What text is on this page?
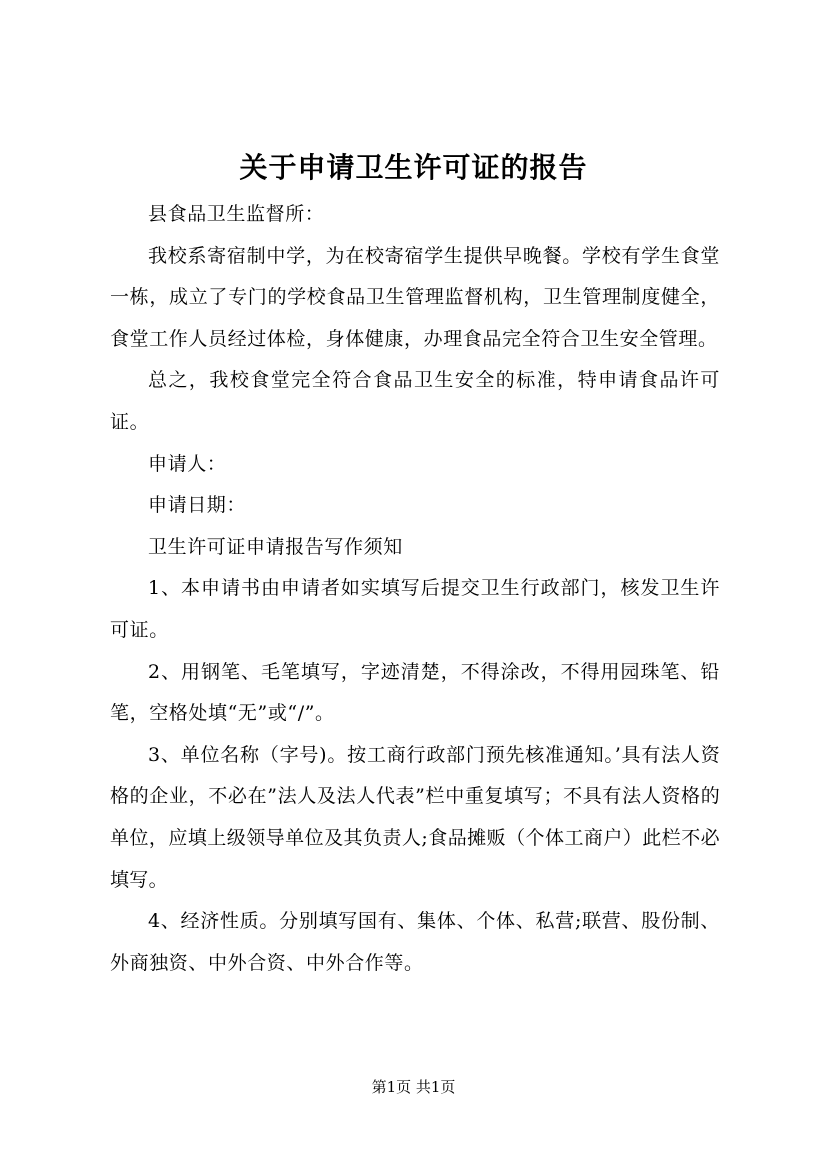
关于申请卫生许可证的报告

县食品卫生监督所：

我校系寄宿制中学，为在校寄宿学生提供早晚餐。学校有学生食堂一栋，成立了专门的学校食品卫生管理监督机构，卫生管理制度健全，食堂工作人员经过体检，身体健康，办理食品完全符合卫生安全管理。

总之，我校食堂完全符合食品卫生安全的标准，特申请食品许可证。

申请人：

申请日期：

卫生许可证申请报告写作须知

1、本申请书由申请者如实填写后提交卫生行政部门，核发卫生许可证。

2、用钢笔、毛笔填写，字迹清楚，不得涂改，不得用园珠笔、铅笔，空格处填“无”或“/”。

3、单位名称（字号)。按工商行政部门预先核准通知。’具有法人资格的企业，不必在”法人及法人代表”栏中重复填写；不具有法人资格的单位，应填上级领导单位及其负责人;食品摊贩（个体工商户）此栏不必填写。

4、经济性质。分别填写国有、集体、个体、私营;联营、股份制、外商独资、中外合资、中外合作等。

第1页 共1页
